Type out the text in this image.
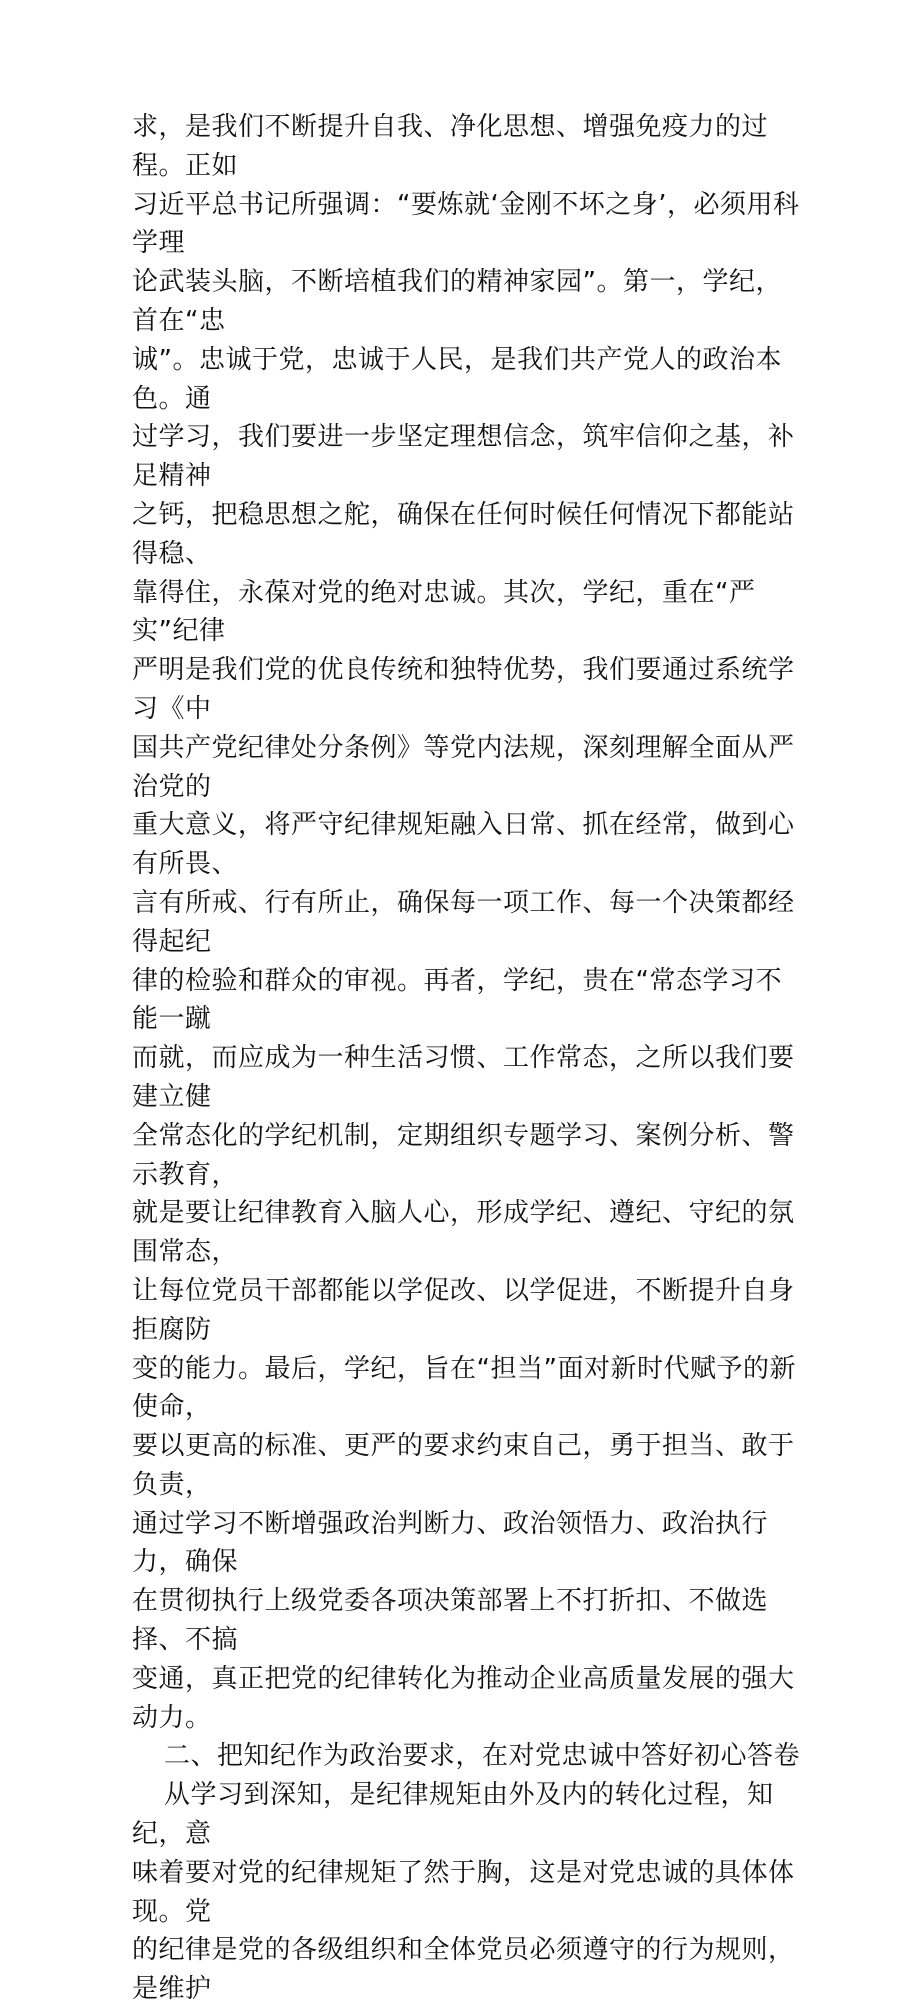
求，是我们不断提升自我、净化思想、增强免疫力的过程。正如
习近平总书记所强调：“要炼就‘金刚不坏之身’，必须用科学理
论武装头脑，不断培植我们的精神家园”。第一，学纪，首在“忠
诚”。忠诚于党，忠诚于人民，是我们共产党人的政治本色。通
过学习，我们要进一步坚定理想信念，筑牢信仰之基，补足精神
之钙，把稳思想之舵，确保在任何时候任何情况下都能站得稳、
靠得住，永葆对党的绝对忠诚。其次，学纪，重在“严实”纪律
严明是我们党的优良传统和独特优势，我们要通过系统学习《中
国共产党纪律处分条例》等党内法规，深刻理解全面从严治党的
重大意义，将严守纪律规矩融入日常、抓在经常，做到心有所畏、
言有所戒、行有所止，确保每一项工作、每一个决策都经得起纪
律的检验和群众的审视。再者，学纪，贵在“常态学习不能一蹴
而就，而应成为一种生活习惯、工作常态，之所以我们要建立健
全常态化的学纪机制，定期组织专题学习、案例分析、警示教育，
就是要让纪律教育入脑人心，形成学纪、遵纪、守纪的氛围常态，
让每位党员干部都能以学促改、以学促进，不断提升自身拒腐防
变的能力。最后，学纪，旨在“担当”面对新时代赋予的新使命，
要以更高的标准、更严的要求约束自己，勇于担当、敢于负责，
通过学习不断增强政治判断力、政治领悟力、政治执行力，确保
在贯彻执行上级党委各项决策部署上不打折扣、不做选择、不搞
变通，真正把党的纪律转化为推动企业高质量发展的强大动力。
二、把知纪作为政治要求，在对党忠诚中答好初心答卷
从学习到深知，是纪律规矩由外及内的转化过程，知纪，意
味着要对党的纪律规矩了然于胸，这是对党忠诚的具体体现。党
的纪律是党的各级组织和全体党员必须遵守的行为规则，是维护
